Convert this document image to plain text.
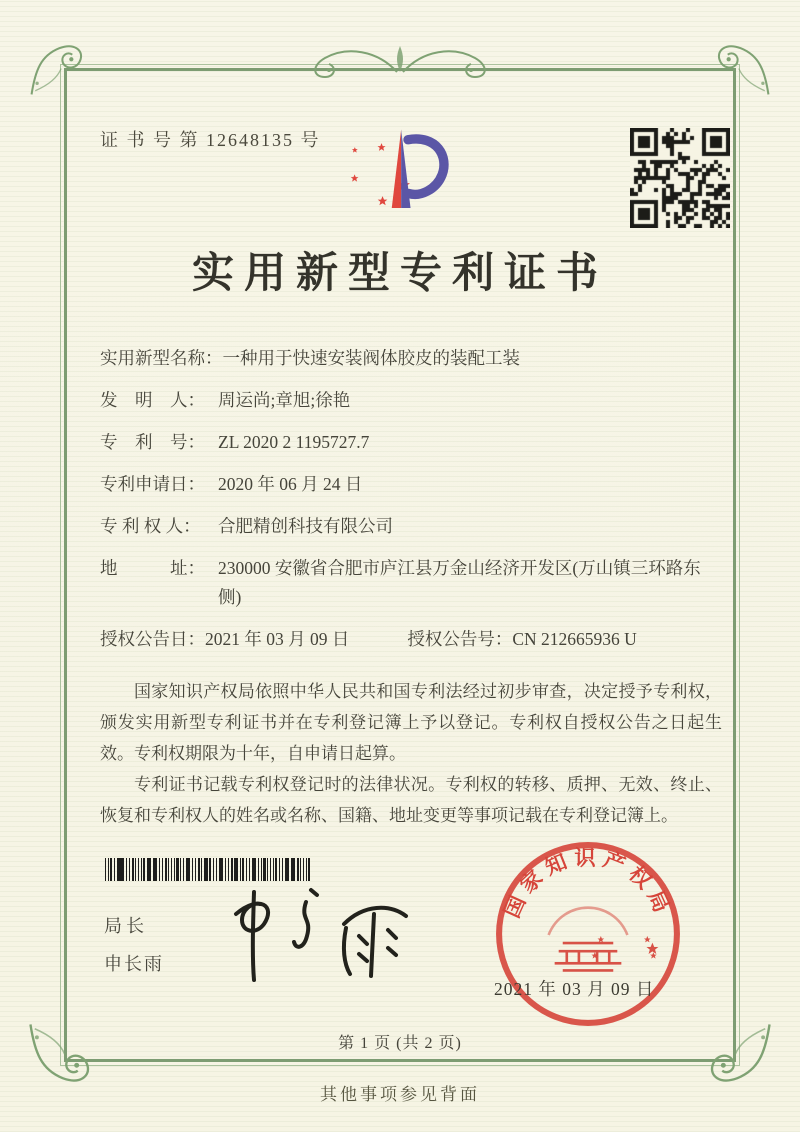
证 书 号 第 12648135 号
实用新型专利证书
实用新型名称： 一种用于快速安装阀体胶皮的装配工装
发　明　人： 周运尚;章旭;徐艳
专　利　号： ZL 2020 2 1195727.7
专利申请日： 2020 年 06 月 24 日
专 利 权 人： 合肥精创科技有限公司
地　　　址： 230000 安徽省合肥市庐江县万金山经济开发区(万山镇三环路东侧)
授权公告日：2021 年 03 月 09 日	授权公告号：CN 212665936 U

国家知识产权局依照中华人民共和国专利法经过初步审查，决定授予专利权，颁发实用新型专利证书并在专利登记簿上予以登记。专利权自授权公告之日起生效。专利权期限为十年，自申请日起算。

专利证书记载专利权登记时的法律状况。专利权的转移、质押、无效、终止、恢复和专利权人的姓名或名称、国籍、地址变更等事项记载在专利登记簿上。

局长
申长雨
国家知识产权局
2021 年 03 月 09 日
第 1 页 (共 2 页)
其他事项参见背面
